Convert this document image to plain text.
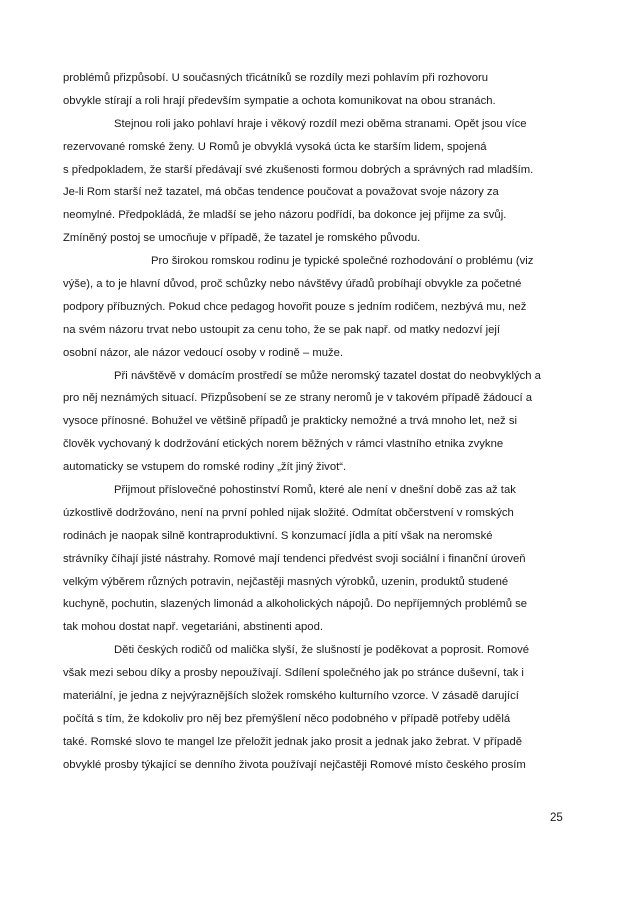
problémů přizpůsobí. U současných třicátníků se rozdíly mezi pohlavím při rozhovoru
obvykle stírají a roli hrají především sympatie a ochota komunikovat na obou stranách.
Stejnou roli jako pohlaví hraje i věkový rozdíl mezi oběma stranami. Opět jsou více
rezervované romské ženy. U Romů je obvyklá vysoká úcta ke starším lidem, spojená
s předpokladem, že starší předávají své zkušenosti formou dobrých a správných rad mladším.
Je-li Rom starší než tazatel, má občas tendence poučovat a považovat svoje názory za
neomylné. Předpokládá, že mladší se jeho názoru podřídí, ba dokonce jej přijme za svůj.
Zmíněný postoj se umocňuje v případě, že tazatel je romského původu.
Pro širokou romskou rodinu je typické společné rozhodování o problému (viz
výše), a to je hlavní důvod, proč schůzky nebo návštěvy úřadů probíhají obvykle za početné
podpory příbuzných. Pokud chce pedagog hovořit pouze s jedním rodičem, nezbývá mu, než
na svém názoru trvat nebo ustoupit za cenu toho, že se pak např. od matky nedozví její
osobní názor, ale názor vedoucí osoby v rodině – muže.
Při návštěvě v domácím prostředí se může neromský tazatel dostat do neobvyklých a
pro něj neznámých situací. Přizpůsobení se ze strany neromů je v takovém případě žádoucí a
vysoce přínosné. Bohužel ve většině případů je prakticky nemožné a trvá mnoho let, než si
člověk vychovaný k dodržování etických norem běžných v rámci vlastního etnika zvykne
automaticky se vstupem do romské rodiny „žít jiný život“.
Přijmout příslovečné pohostinství Romů, které ale není v dnešní době zas až tak
úzkostlivě dodržováno, není na první pohled nijak složité. Odmítat občerstvení v romských
rodinách je naopak silně kontraproduktivní. S konzumací jídla a pití však na neromské
strávníky číhají jisté nástrahy. Romové mají tendenci předvést svoji sociální i finanční úroveň
velkým výběrem různých potravin, nejčastěji masných výrobků, uzenin, produktů studené
kuchyně, pochutin, slazených limonád a alkoholických nápojů. Do nepříjemných problémů se
tak mohou dostat např. vegetariáni, abstinenti apod.
Děti českých rodičů od malička slyší, že slušností je poděkovat a poprosit. Romové
však mezi sebou díky a prosby nepoužívají. Sdílení společného jak po stránce duševní, tak i
materiální, je jedna z nejvýraznějších složek romského kulturního vzorce. V zásadě darující
počítá s tím, že kdokoliv pro něj bez přemýšlení něco podobného v případě potřeby udělá
také. Romské slovo te mangel lze přeložit jednak jako prosit a jednak jako žebrat. V případě
obvyklé prosby týkající se denního života používají nejčastěji Romové místo českého prosím
25
